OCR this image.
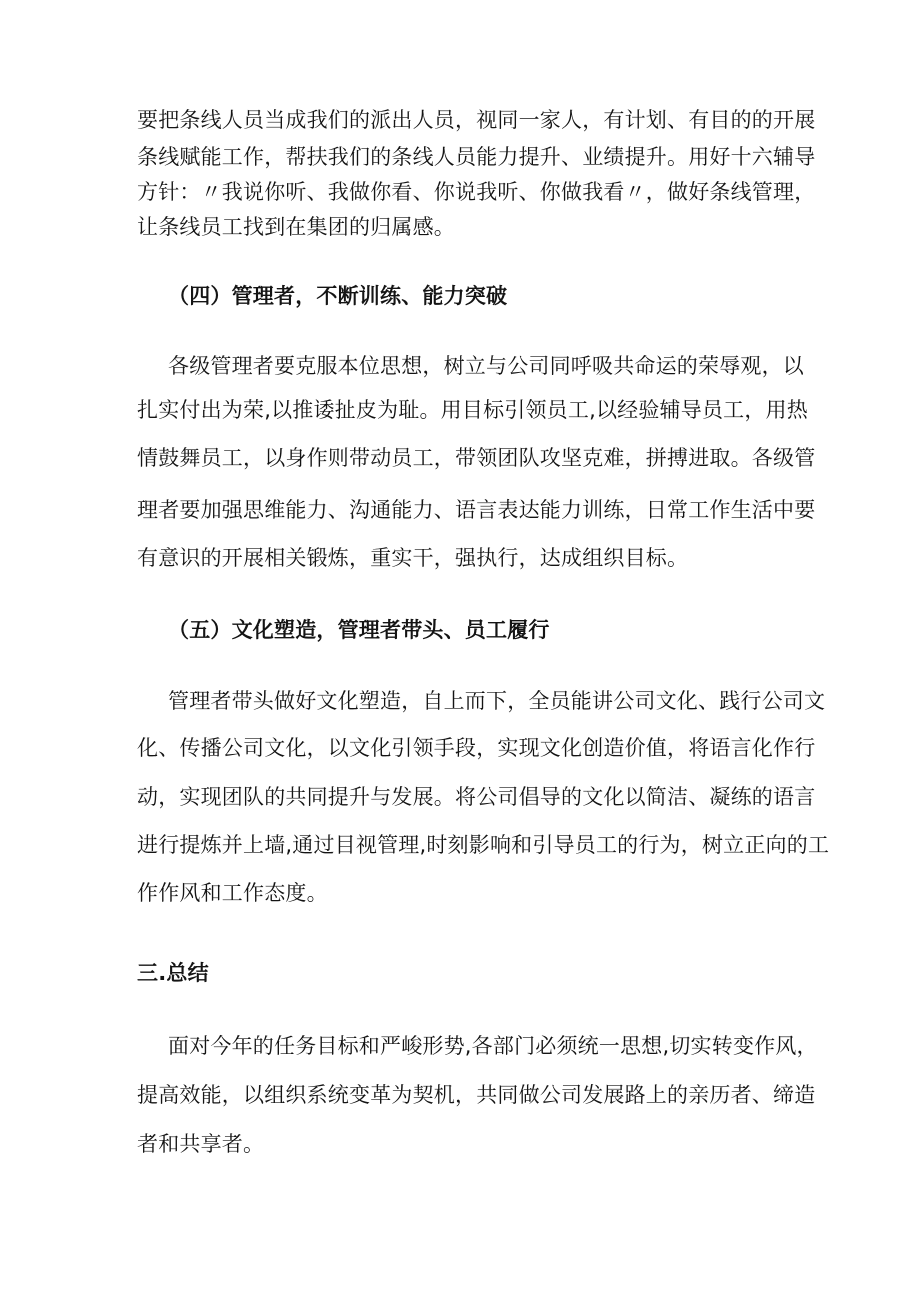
要把条线人员当成我们的派出人员，视同一家人，有计划、有目的的开展
条线赋能工作，帮扶我们的条线人员能力提升、业绩提升。用好十六辅导
方针：〃我说你听、我做你看、你说我听、你做我看〃，做好条线管理，
让条线员工找到在集团的归属感。
（四）管理者，不断训练、能力突破
各级管理者要克服本位思想，树立与公司同呼吸共命运的荣辱观，以
扎实付出为荣,以推诿扯皮为耻。用目标引领员工,以经验辅导员工，用热
情鼓舞员工，以身作则带动员工，带领团队攻坚克难，拼搏进取。各级管
理者要加强思维能力、沟通能力、语言表达能力训练，日常工作生活中要
有意识的开展相关锻炼，重实干，强执行，达成组织目标。
（五）文化塑造，管理者带头、员工履行
管理者带头做好文化塑造，自上而下，全员能讲公司文化、践行公司文
化、传播公司文化，以文化引领手段，实现文化创造价值，将语言化作行
动，实现团队的共同提升与发展。将公司倡导的文化以简洁、凝练的语言
进行提炼并上墙,通过目视管理,时刻影响和引导员工的行为，树立正向的工
作作风和工作态度。
三.总结
面对今年的任务目标和严峻形势,各部门必须统一思想,切实转变作风，
提高效能，以组织系统变革为契机，共同做公司发展路上的亲历者、缔造
者和共享者。
